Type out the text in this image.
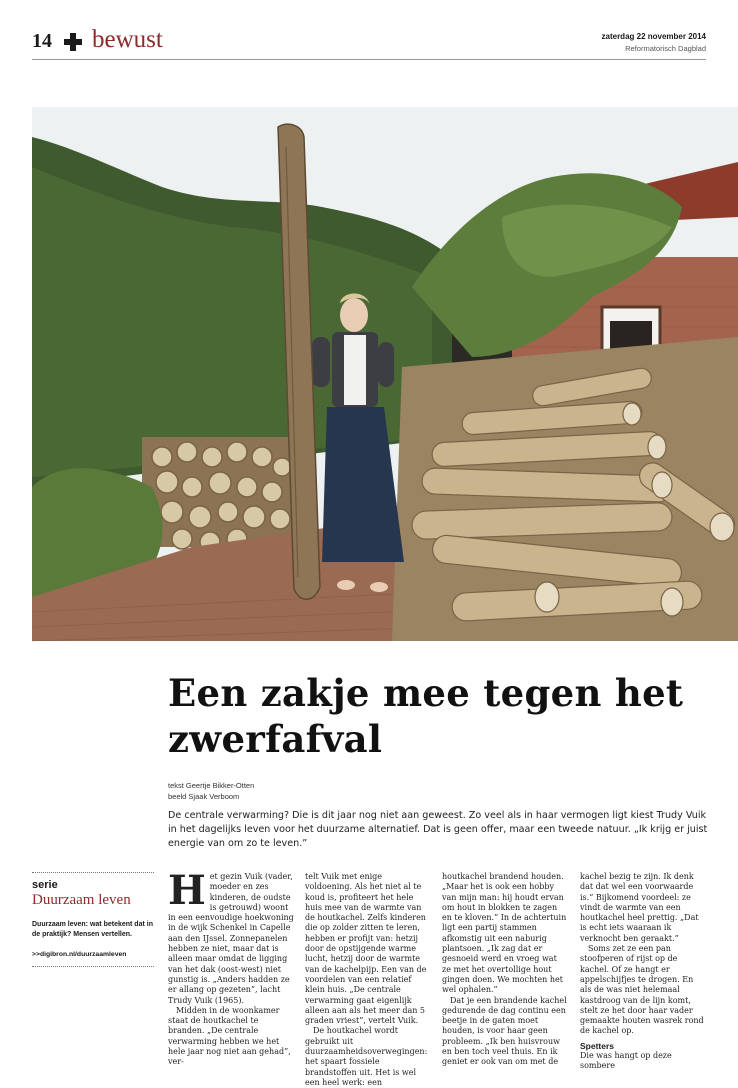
14 bewust	zaterdag 22 november 2014
Reformatorisch Dagblad
Een zakje mee tegen het zwerfafval
tekst Geertje Bikker-Otten
beeld Sjaak Verboom

De centrale verwarming? Die is dit jaar nog niet aan geweest. Zo veel als in haar vermogen ligt kiest Trudy Vuik in het dagelijks leven voor het duurzame alternatief. Dat is geen offer, maar een tweede natuur. „Ik krijg er juist energie van om zo te leven.”

serie
Duurzaam leven
Duurzaam leven: wat betekent dat in de praktijk? Mensen vertellen.
>>digibron.nl/duurzaamleven
H et gezin Vuik (vader, moeder en zes kinderen, de oudste is getrouwd) woont in een eenvoudige hoekwoning in de wijk Schenkel in Capelle aan den IJssel. Zonnepanelen hebben ze niet, maar dat is alleen maar omdat de ligging van het dak (oost-west) niet gunstig is. „Anders hadden ze er allang op gezeten”, lacht Trudy Vuik (1965).

Midden in de woonkamer staat de houtkachel te branden. „De centrale verwarming hebben we het hele jaar nog niet aan gehad”, ver-

telt Vuik met enige voldoening. Als het niet al te koud is, profiteert het hele huis mee van de warmte van de houtkachel. Zelfs kinderen die op zolder zitten te leren, hebben er profijt van: hetzij door de opstijgende warme lucht, hetzij door de warmte van de kachelpijp. Een van de voordelen van een relatief klein huis. „De centrale verwarming gaat eigenlijk alleen aan als het meer dan 5 graden vriest”, vertelt Vuik.

De houtkachel wordt gebruikt uit duurzaamheidsoverwegingen: het spaart fossiele brandstoffen uit. Het is wel een heel werk: een

houtkachel brandend houden. „Maar het is ook een hobby van mijn man: hij houdt ervan om hout in blokken te zagen en te kloven.” In de achtertuin ligt een partij stammen afkomstig uit een naburig plantsoen. „Ik zag dat er gesnoeid werd en vroeg wat ze met het overtollige hout gingen doen. We mochten het wel ophalen.”

Dat je een brandende kachel gedurende de dag continu een beetje in de gaten moet houden, is voor haar geen probleem. „Ik ben huisvrouw en ben toch veel thuis. En ik geniet er ook van om met de

kachel bezig te zijn. Ik denk dat dat wel een voorwaarde is.” Bijkomend voordeel: ze vindt de warmte van een houtkachel heel prettig. „Dat is echt iets waaraan ik verknocht ben geraakt.”

Soms zet ze een pan stoofperen of rijst op de kachel. Of ze hangt er appelschijfjes te drogen. En als de was niet helemaal kastdroog van de lijn komt, stelt ze het door haar vader gemaakte houten wasrek rond de kachel op.

Spetters

Die was hangt op deze sombere
